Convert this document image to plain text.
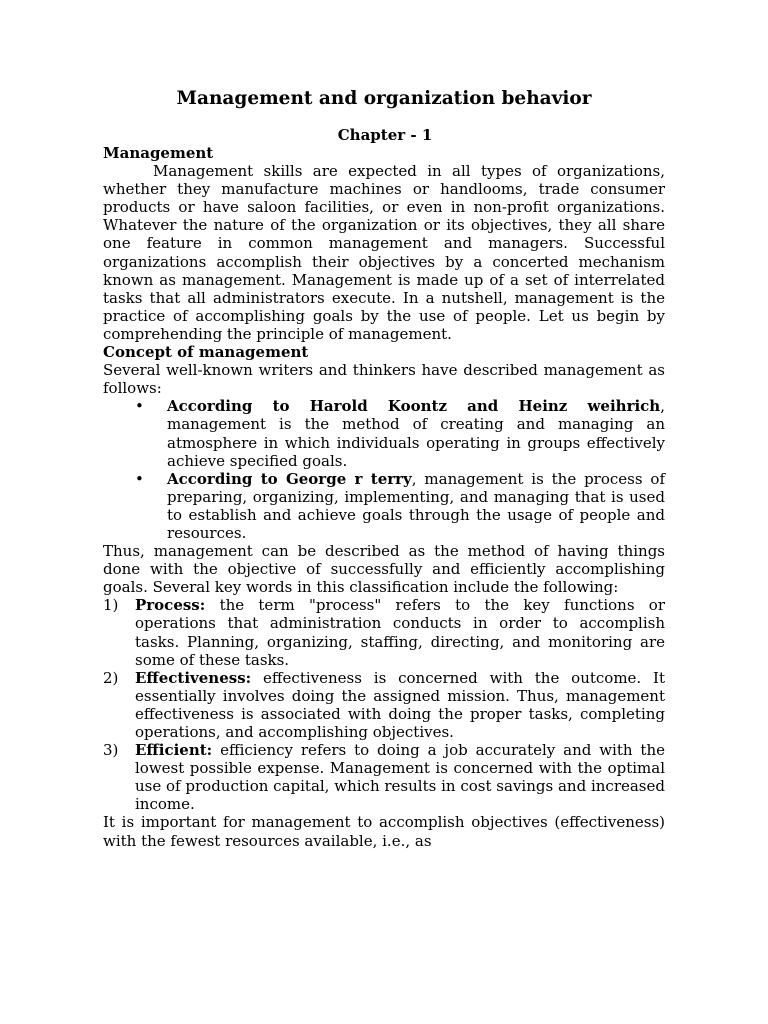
Management and organization behavior
Chapter - 1
Management

Management skills are expected in all types of organizations, whether they manufacture machines or handlooms, trade consumer products or have saloon facilities, or even in non-profit organizations. Whatever the nature of the organization or its objectives, they all share one feature in common management and managers. Successful organizations accomplish their objectives by a concerted mechanism known as management. Management is made up of a set of interrelated tasks that all administrators execute. In a nutshell, management is the practice of accomplishing goals by the use of people. Let us begin by comprehending the principle of management.

Concept of management

Several well-known writers and thinkers have described management as follows:

• According to Harold Koontz and Heinz weihrich, management is the method of creating and managing an atmosphere in which individuals operating in groups effectively achieve specified goals.
• According to George r terry, management is the process of preparing, organizing, implementing, and managing that is used to establish and achieve goals through the usage of people and resources.

Thus, management can be described as the method of having things done with the objective of successfully and efficiently accomplishing goals. Several key words in this classification include the following:

1) Process: the term "process" refers to the key functions or operations that administration conducts in order to accomplish tasks. Planning, organizing, staffing, directing, and monitoring are some of these tasks.
2) Effectiveness: effectiveness is concerned with the outcome. It essentially involves doing the assigned mission. Thus, management effectiveness is associated with doing the proper tasks, completing operations, and accomplishing objectives.
3) Efficient: efficiency refers to doing a job accurately and with the lowest possible expense. Management is concerned with the optimal use of production capital, which results in cost savings and increased income.

It is important for management to accomplish objectives (effectiveness) with the fewest resources available, i.e., as
